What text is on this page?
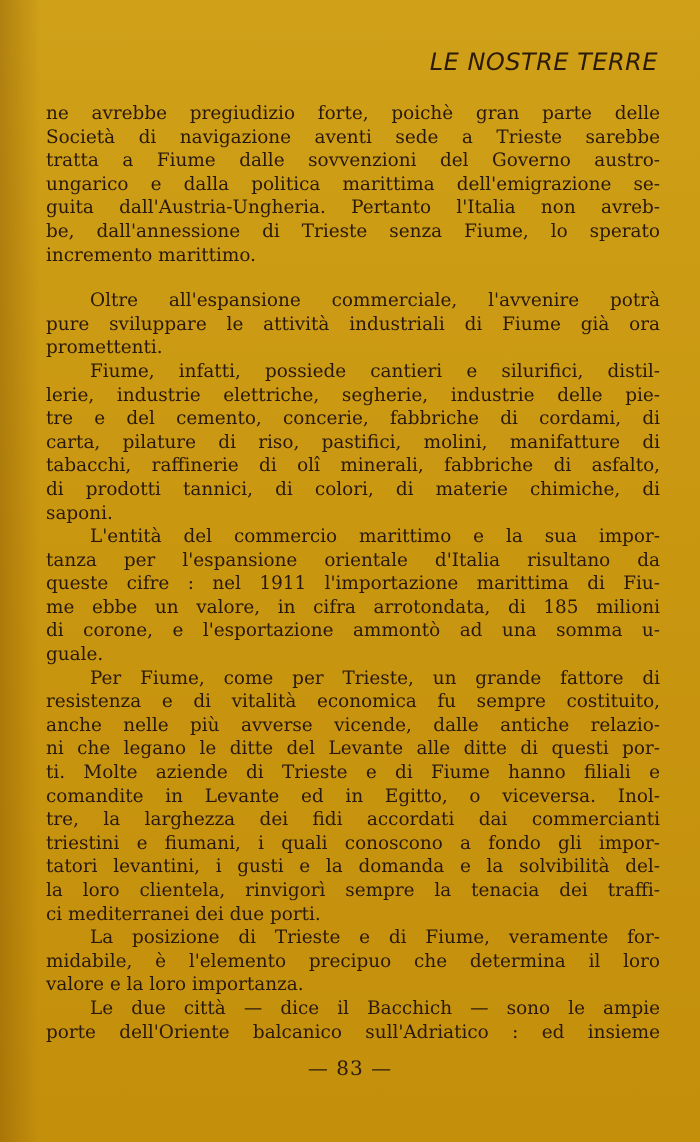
LE NOSTRE TERRE
ne avrebbe pregiudizio forte, poichè gran parte delle
Società di navigazione aventi sede a Trieste sarebbe
tratta a Fiume dalle sovvenzioni del Governo austro-
ungarico e dalla politica marittima dell'emigrazione se-
guita dall'Austria-Ungheria. Pertanto l'Italia non avreb-
be, dall'annessione di Trieste senza Fiume, lo sperato
incremento marittimo.
Oltre all'espansione commerciale, l'avvenire potrà
pure sviluppare le attività industriali di Fiume già ora
promettenti.
Fiume, infatti, possiede cantieri e silurifici, distil-
lerie, industrie elettriche, segherie, industrie delle pie-
tre e del cemento, concerie, fabbriche di cordami, di
carta, pilature di riso, pastifici, molini, manifatture di
tabacchi, raffinerie di olî minerali, fabbriche di asfalto,
di prodotti tannici, di colori, di materie chimiche, di
saponi.
L'entità del commercio marittimo e la sua impor-
tanza per l'espansione orientale d'Italia risultano da
queste cifre : nel 1911 l'importazione marittima di Fiu-
me ebbe un valore, in cifra arrotondata, di 185 milioni
di corone, e l'esportazione ammontò ad una somma u-
guale.
Per Fiume, come per Trieste, un grande fattore di
resistenza e di vitalità economica fu sempre costituito,
anche nelle più avverse vicende, dalle antiche relazio-
ni che legano le ditte del Levante alle ditte di questi por-
ti. Molte aziende di Trieste e di Fiume hanno filiali e
comandite in Levante ed in Egitto, o viceversa. Inol-
tre, la larghezza dei fidi accordati dai commercianti
triestini e fiumani, i quali conoscono a fondo gli impor-
tatori levantini, i gusti e la domanda e la solvibilità del-
la loro clientela, rinvigorì sempre la tenacia dei traffi-
ci mediterranei dei due porti.
La posizione di Trieste e di Fiume, veramente for-
midabile, è l'elemento precipuo che determina il loro
valore e la loro importanza.
Le due città — dice il Bacchich — sono le ampie
porte dell'Oriente balcanico sull'Adriatico : ed insieme
— 83 —
